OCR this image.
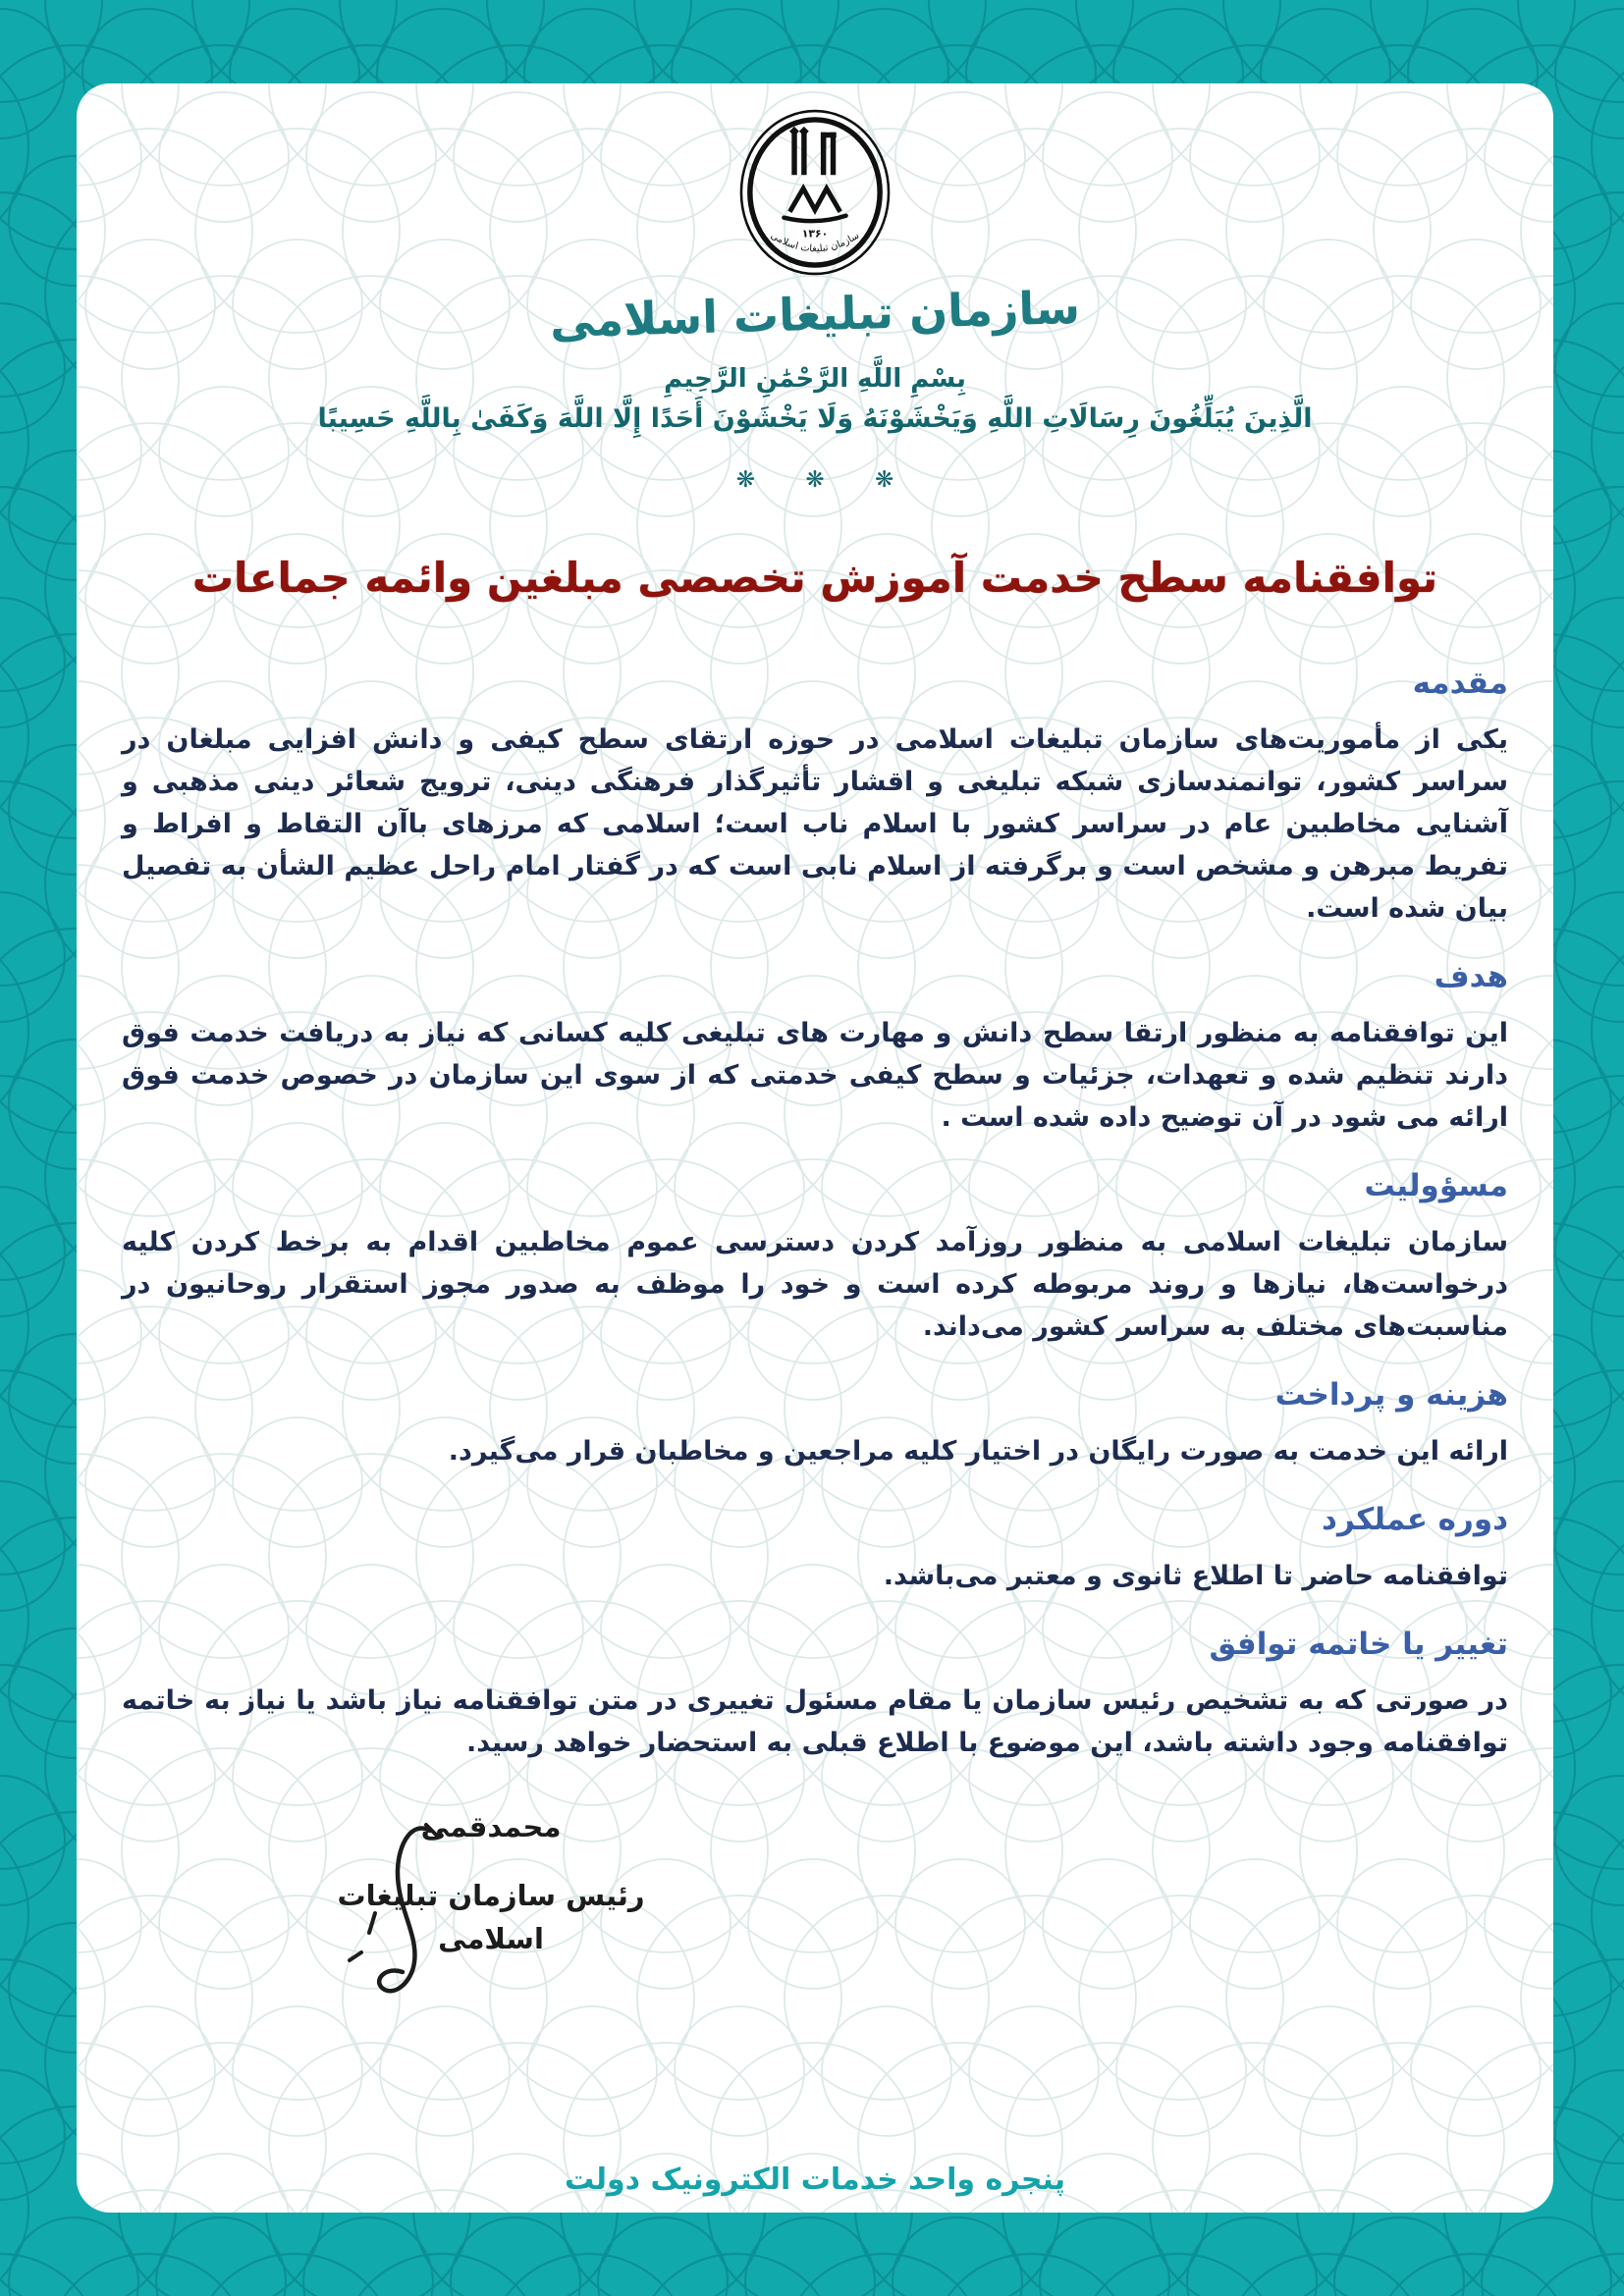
۱۳۶۰
سازمان تبلیغات اسلامی
سازمان تبلیغات اسلامی
بِسْمِ اللَّهِ الرَّحْمَٰنِ الرَّحِيمِ
الَّذِينَ يُبَلِّغُونَ رِسَالَاتِ اللَّهِ وَيَخْشَوْنَهُ وَلَا يَخْشَوْنَ أَحَدًا إِلَّا اللَّهَ وَكَفَىٰ بِاللَّهِ حَسِيبًا
❋ ❋ ❋
توافقنامه سطح خدمت آموزش تخصصی مبلغین وائمه جماعات
مقدمه

یکی از مأموریت‌های سازمان تبلیغات اسلامی در حوزه ارتقای سطح کیفی و دانش افزایی مبلغان در سراسر کشور، توانمندسازی شبکه تبلیغی و اقشار تأثیرگذار فرهنگی دینی، ترویج شعائر دینی مذهبی و آشنایی مخاطبین عام در سراسر کشور با اسلام ناب است؛ اسلامی که مرزهای باآن التقاط و افراط و تفریط مبرهن و مشخص است و برگرفته از اسلام نابی است که در گفتار امام راحل عظیم الشأن به تفصیل بیان شده است.

هدف

این توافقنامه به منظور ارتقا سطح دانش و مهارت های تبلیغی کلیه کسانی که نیاز به دریافت خدمت فوق دارند تنظیم شده و تعهدات، جزئیات و سطح کیفی خدمتی که از سوی این سازمان در خصوص خدمت فوق ارائه می شود در آن توضیح داده شده است .

مسؤولیت

سازمان تبلیغات اسلامی به منظور روزآمد کردن دسترسی عموم مخاطبین اقدام به برخط کردن کلیه درخواست‌ها، نیازها و روند مربوطه کرده است و خود را موظف به صدور مجوز استقرار روحانیون در مناسبت‌های مختلف به سراسر کشور می‌داند.

هزینه و پرداخت

ارائه این خدمت به صورت رایگان در اختیار کلیه مراجعین و مخاطبان قرار می‌گیرد.

دوره عملکرد

توافقنامه حاضر تا اطلاع ثانوی و معتبر می‌باشد.

تغییر یا خاتمه توافق

در صورتی که به تشخیص رئیس سازمان یا مقام مسئول تغییری در متن توافقنامه نیاز باشد یا نیاز به خاتمه توافقنامه وجود داشته باشد، این موضوع با اطلاع قبلی به استحضار خواهد رسید.

محمدقمی
رئیس سازمان تبلیغات اسلامی
پنجره واحد خدمات الکترونیک دولت
